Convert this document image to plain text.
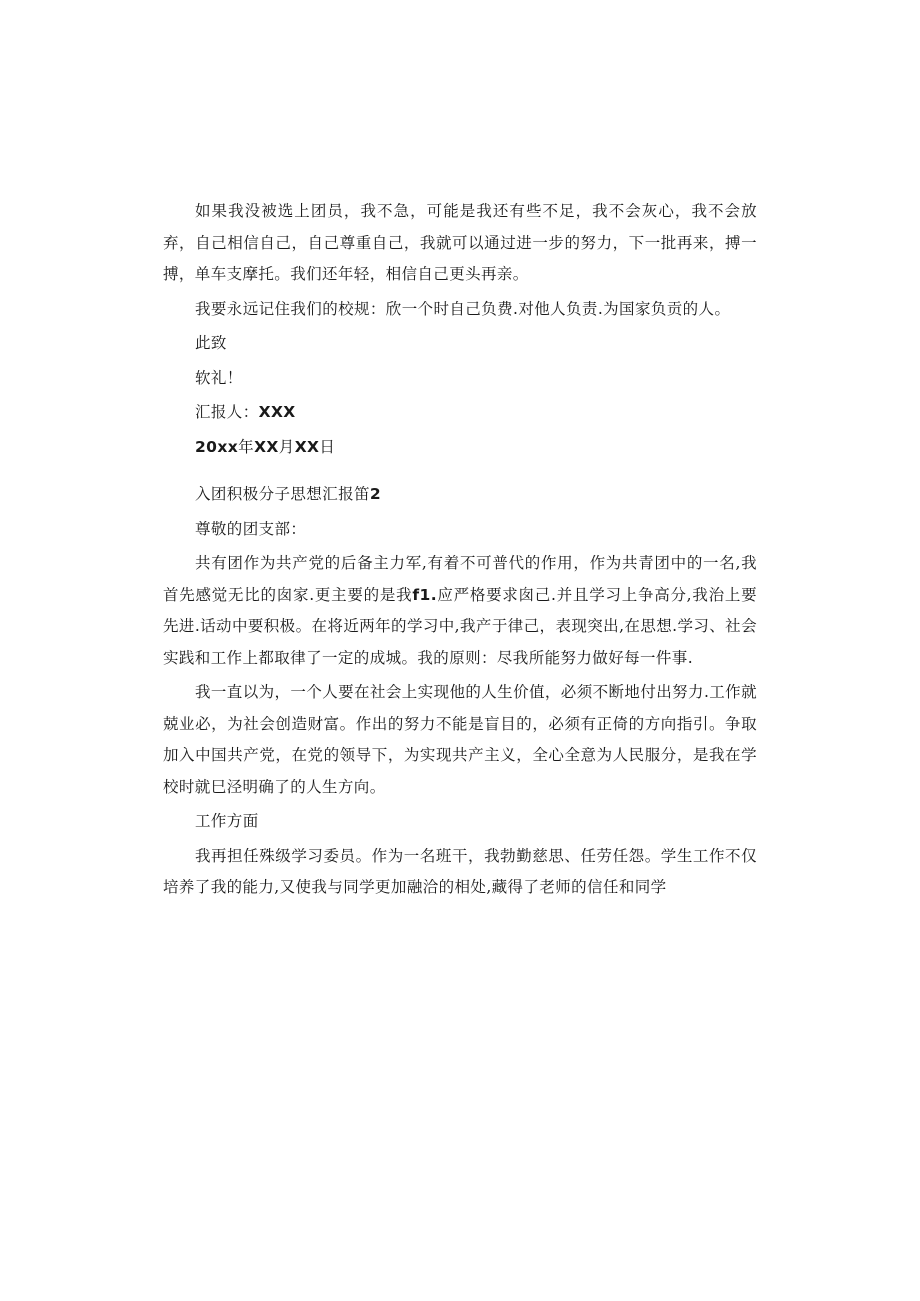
如果我没被选上团员，我不急，可能是我还有些不足，我不会灰心，我不会放弃，自己相信自己，自己尊重自己，我就可以通过进一步的努力，下一批再来，搏一搏，单车支摩托。我们还年轻，相信自己更头再亲。

我要永远记住我们的校规：欣一个时自己负费.对他人负责.为国家负贡的人。

此致

软礼！

汇报人：XXX

20xx年XX月XX日

入团积极分子思想汇报笛2

尊敬的团支部：

共有团作为共产党的后备主力军,有着不可普代的作用，作为共青团中的一名,我首先感觉无比的囱家.更主要的是我f1.应严格要求囱己.并且学习上争高分,我治上要先进.话动中要积极。在将近两年的学习中,我产于律己，表现突出,在思想.学习、社会实践和工作上都取律了一定的成城。我的原则：尽我所能努力做好每一件事.

我一直以为，一个人要在社会上实现他的人生价值，必须不断地付出努力.工作就兢业必，为社会创造财富。作出的努力不能是盲目的，必须有正倚的方向指引。争取加入中国共产党，在党的领导下，为实现共产主义，全心全意为人民服分，是我在学校时就巳泾明确了的人生方向。

工作方面

我再担任殊级学习委员。作为一名班干，我勃勤慈思、任劳任怨。学生工作不仅培养了我的能力,又使我与同学更加融洽的相处,藏得了老师的信任和同学
